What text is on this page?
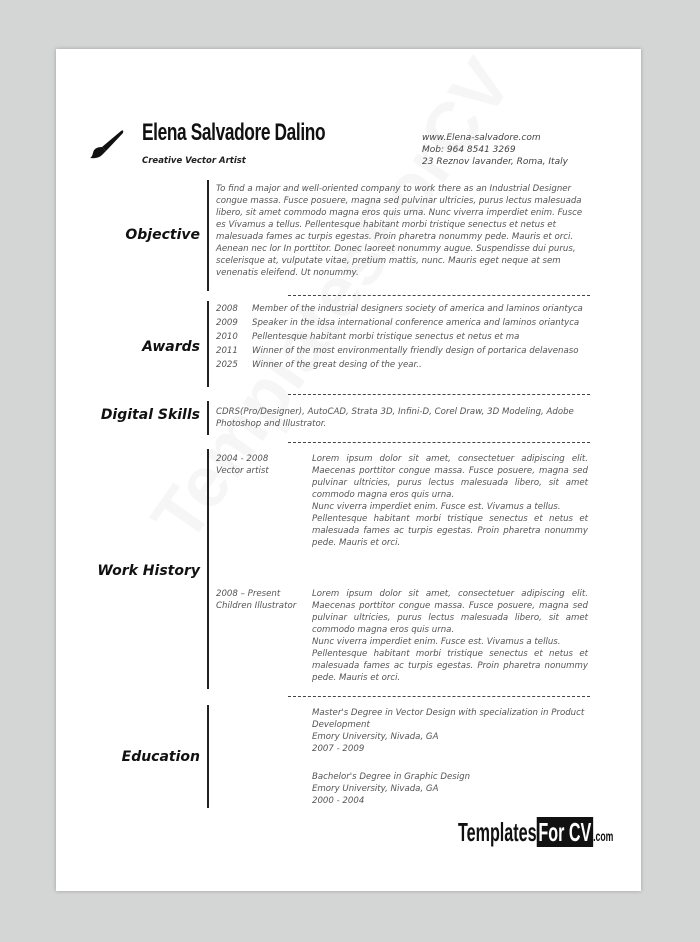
Elena Salvadore Dalino
Creative Vector Artist
www.Elena-salvadore.com
Mob: 964 8541 3269
23 Reznov lavander, Roma, Italy
Objective
To find a major and well-oriented company to work there as an Industrial Designer congue massa. Fusce posuere, magna sed pulvinar ultricies, purus lectus malesuada libero, sit amet commodo magna eros quis urna. Nunc viverra imperdiet enim. Fusce es Vivamus a tellus. Pellentesque habitant morbi tristique senectus et netus et malesuada fames ac turpis egestas. Proin pharetra nonummy pede. Mauris et orci. Aenean nec lor In porttitor. Donec laoreet nonummy augue. Suspendisse dui purus, scelerisque at, vulputate vitae, pretium mattis, nunc. Mauris eget neque at sem venenatis eleifend. Ut nonummy.
Awards
2008 Member of the industrial designers society of america and laminos oriantyca
2009 Speaker in the idsa international conference america and laminos oriantyca
2010 Pellentesque habitant morbi tristique senectus et netus et ma
2011 Winner of the most environmentally friendly design of portarica delavenaso
2025 Winner of the great desing of the year..
Digital Skills CDRS(Pro/Designer), AutoCAD, Strata 3D, Infini-D, Corel Draw, 3D Modeling, Adobe Photoshop and Illustrator.
Work History
2004 - 2008
Vector artist
Lorem ipsum dolor sit amet, consectetuer adipiscing elit. Maecenas porttitor congue massa. Fusce posuere, magna sed pulvinar ultricies, purus lectus malesuada libero, sit amet commodo magna eros quis urna.
Nunc viverra imperdiet enim. Fusce est. Vivamus a tellus.
Pellentesque habitant morbi tristique senectus et netus et malesuada fames ac turpis egestas. Proin pharetra nonummy pede. Mauris et orci.
2008 – Present
Children Illustrator
Lorem ipsum dolor sit amet, consectetuer adipiscing elit. Maecenas porttitor congue massa. Fusce posuere, magna sed pulvinar ultricies, purus lectus malesuada libero, sit amet commodo magna eros quis urna.
Nunc viverra imperdiet enim. Fusce est. Vivamus a tellus.
Pellentesque habitant morbi tristique senectus et netus et malesuada fames ac turpis egestas. Proin pharetra nonummy pede. Mauris et orci.
Education
Master's Degree in Vector Design with specialization in Product Development
Emory University, Nivada, GA
2007 - 2009
Bachelor's Degree in Graphic Design
Emory University, Nivada, GA
2000 - 2004
TemplatesFor CV .com
